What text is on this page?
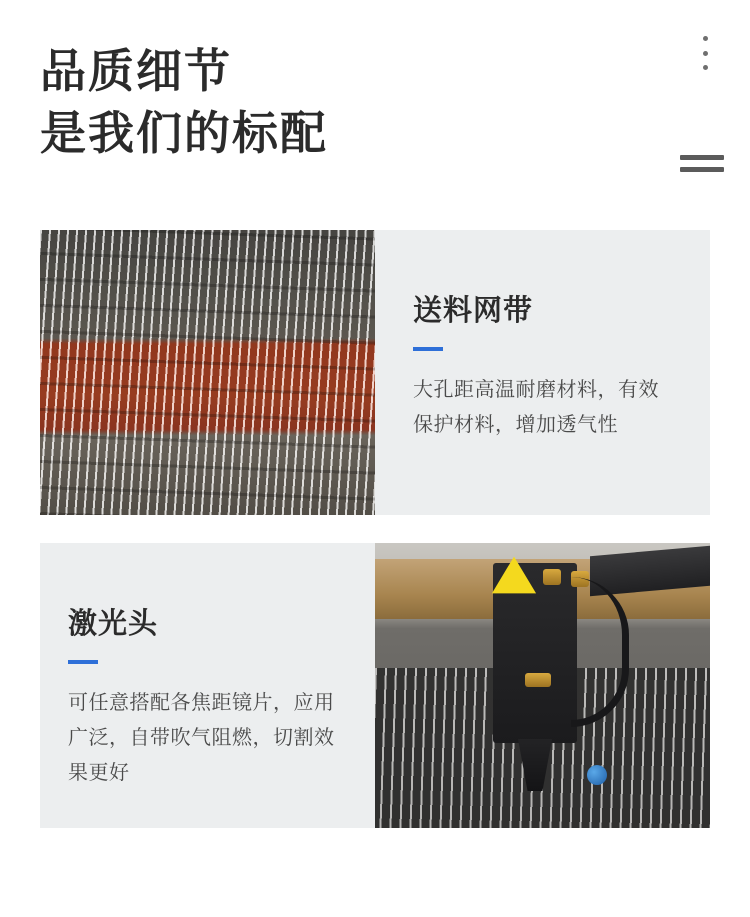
品质细节
是我们的标配
送料网带
大孔距高温耐磨材料，有效保护材料，增加透气性
激光头
可任意搭配各焦距镜片，应用广泛，自带吹气阻燃，切割效果更好
